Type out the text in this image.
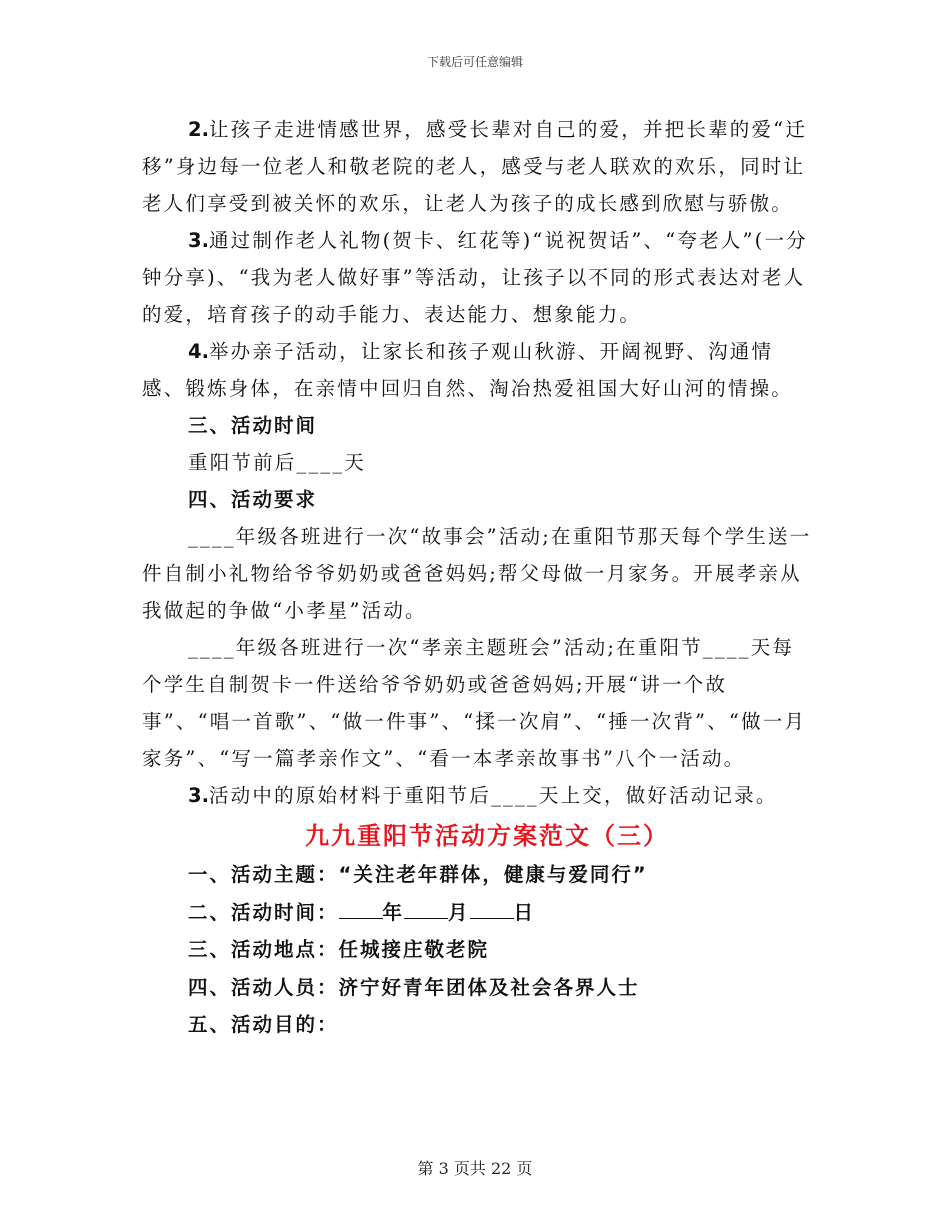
下载后可任意编辑

2.让孩子走进情感世界，感受长辈对自己的爱，并把长辈的爱“迁移”身边每一位老人和敬老院的老人，感受与老人联欢的欢乐，同时让老人们享受到被关怀的欢乐，让老人为孩子的成长感到欣慰与骄傲。

3.通过制作老人礼物(贺卡、红花等)“说祝贺话”、“夸老人”(一分钟分享)、“我为老人做好事”等活动，让孩子以不同的形式表达对老人的爱，培育孩子的动手能力、表达能力、想象能力。

4.举办亲子活动，让家长和孩子观山秋游、开阔视野、沟通情感、锻炼身体，在亲情中回归自然、淘冶热爱祖国大好山河的情操。

三、活动时间

重阳节前后____天

四、活动要求

____年级各班进行一次“故事会”活动;在重阳节那天每个学生送一件自制小礼物给爷爷奶奶或爸爸妈妈;帮父母做一月家务。开展孝亲从我做起的争做“小孝星”活动。

____年级各班进行一次“孝亲主题班会”活动;在重阳节____天每个学生自制贺卡一件送给爷爷奶奶或爸爸妈妈;开展“讲一个故事”、“唱一首歌”、“做一件事”、“揉一次肩”、“捶一次背”、“做一月家务”、“写一篇孝亲作文”、“看一本孝亲故事书”八个一活动。

3.活动中的原始材料于重阳节后____天上交，做好活动记录。

九九重阳节活动方案范文（三）

一、活动主题：“关注老年群体，健康与爱同行”

二、活动时间： 年 月 日

三、活动地点：任城接庄敬老院

四、活动人员：济宁好青年团体及社会各界人士

五、活动目的：

第 3 页共 22 页
